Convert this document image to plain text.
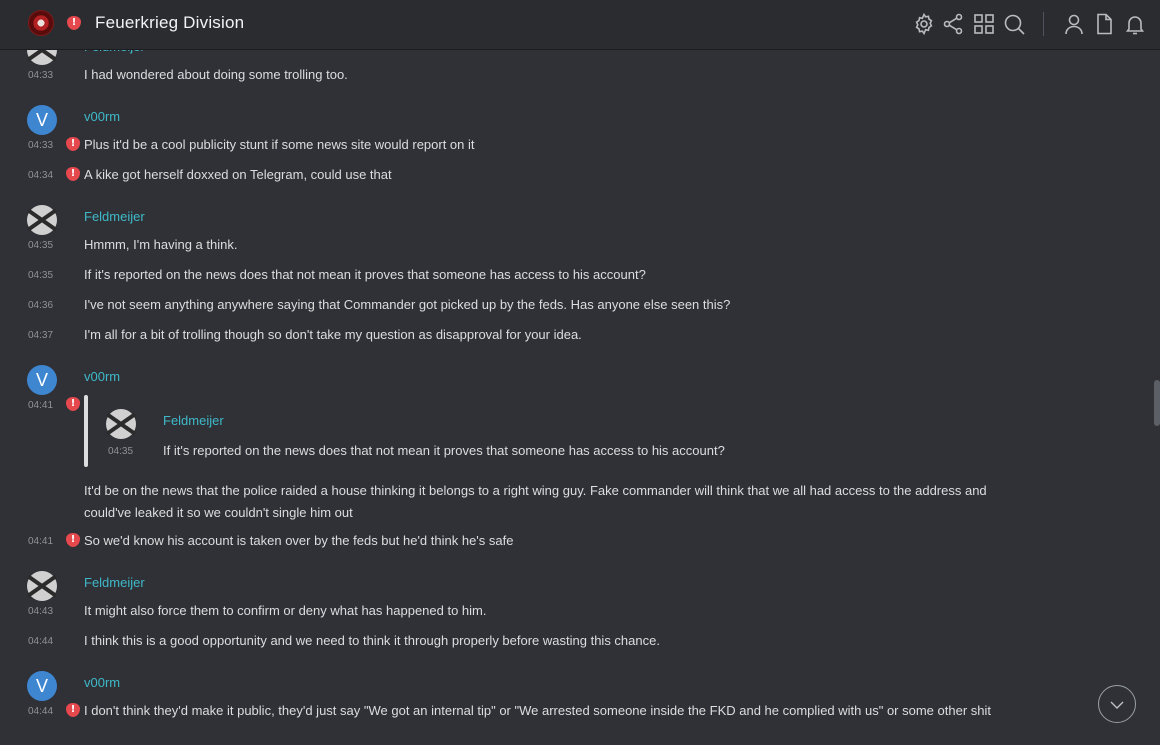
! Feuerkrieg Division
04:33 I had wondered about doing some trolling too.
V	v00rm
04:33	! Plus it'd be a cool publicity stunt if some news site would report on it
04:34	! A kike got herself doxxed on Telegram, could use that
Feldmeijer
04:35 Hmmm, I'm having a think.
04:35 If it's reported on the news does that not mean it proves that someone has access to his account?
04:36 I've not seem anything anywhere saying that Commander got picked up by the feds. Has anyone else seen this?
04:37 I'm all for a bit of trolling though so don't take my question as disapproval for your idea.
V	v00rm
04:41	!
Feldmeijer
04:35 If it's reported on the news does that not mean it proves that someone has access to his account?
It'd be on the news that the police raided a house thinking it belongs to a right wing guy. Fake commander will think that we all had access to the address and could've leaked it so we couldn't single him out
04:41	! So we'd know his account is taken over by the feds but he'd think he's safe
Feldmeijer
04:43 It might also force them to confirm or deny what has happened to him.
04:44 I think this is a good opportunity and we need to think it through properly before wasting this chance.
V	v00rm
04:44	! I don't think they'd make it public, they'd just say "We got an internal tip" or "We arrested someone inside the FKD and he complied with us" or some other shit
